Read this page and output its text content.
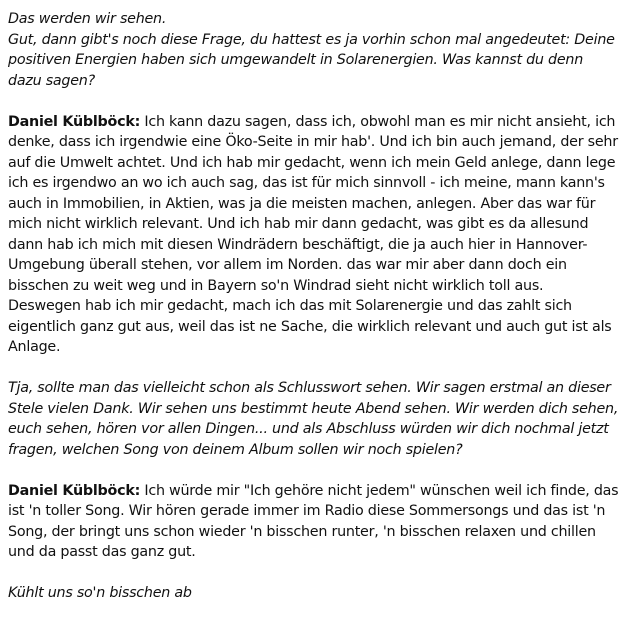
Das werden wir sehen.
Gut, dann gibt's noch diese Frage, du hattest es ja vorhin schon mal angedeutet: Deine
positiven Energien haben sich umgewandelt in Solarenergien. Was kannst du denn
dazu sagen?

Daniel Küblböck: Ich kann dazu sagen, dass ich, obwohl man es mir nicht ansieht, ich
denke, dass ich irgendwie eine Öko-Seite in mir hab'. Und ich bin auch jemand, der sehr
auf die Umwelt achtet. Und ich hab mir gedacht, wenn ich mein Geld anlege, dann lege
ich es irgendwo an wo ich auch sag, das ist für mich sinnvoll - ich meine, mann kann's
auch in Immobilien, in Aktien, was ja die meisten machen, anlegen. Aber das war für
mich nicht wirklich relevant. Und ich hab mir dann gedacht, was gibt es da allesund
dann hab ich mich mit diesen Windrädern beschäftigt, die ja auch hier in Hannover-
Umgebung überall stehen, vor allem im Norden. das war mir aber dann doch ein
bisschen zu weit weg und in Bayern so'n Windrad sieht nicht wirklich toll aus.
Deswegen hab ich mir gedacht, mach ich das mit Solarenergie und das zahlt sich
eigentlich ganz gut aus, weil das ist ne Sache, die wirklich relevant und auch gut ist als
Anlage.

Tja, sollte man das vielleicht schon als Schlusswort sehen. Wir sagen erstmal an dieser
Stele vielen Dank. Wir sehen uns bestimmt heute Abend sehen. Wir werden dich sehen,
euch sehen, hören vor allen Dingen... und als Abschluss würden wir dich nochmal jetzt
fragen, welchen Song von deinem Album sollen wir noch spielen?

Daniel Küblböck: Ich würde mir "Ich gehöre nicht jedem" wünschen weil ich finde, das
ist 'n toller Song. Wir hören gerade immer im Radio diese Sommersongs und das ist 'n
Song, der bringt uns schon wieder 'n bisschen runter, 'n bisschen relaxen und chillen
und da passt das ganz gut.

Kühlt uns so'n bisschen ab
